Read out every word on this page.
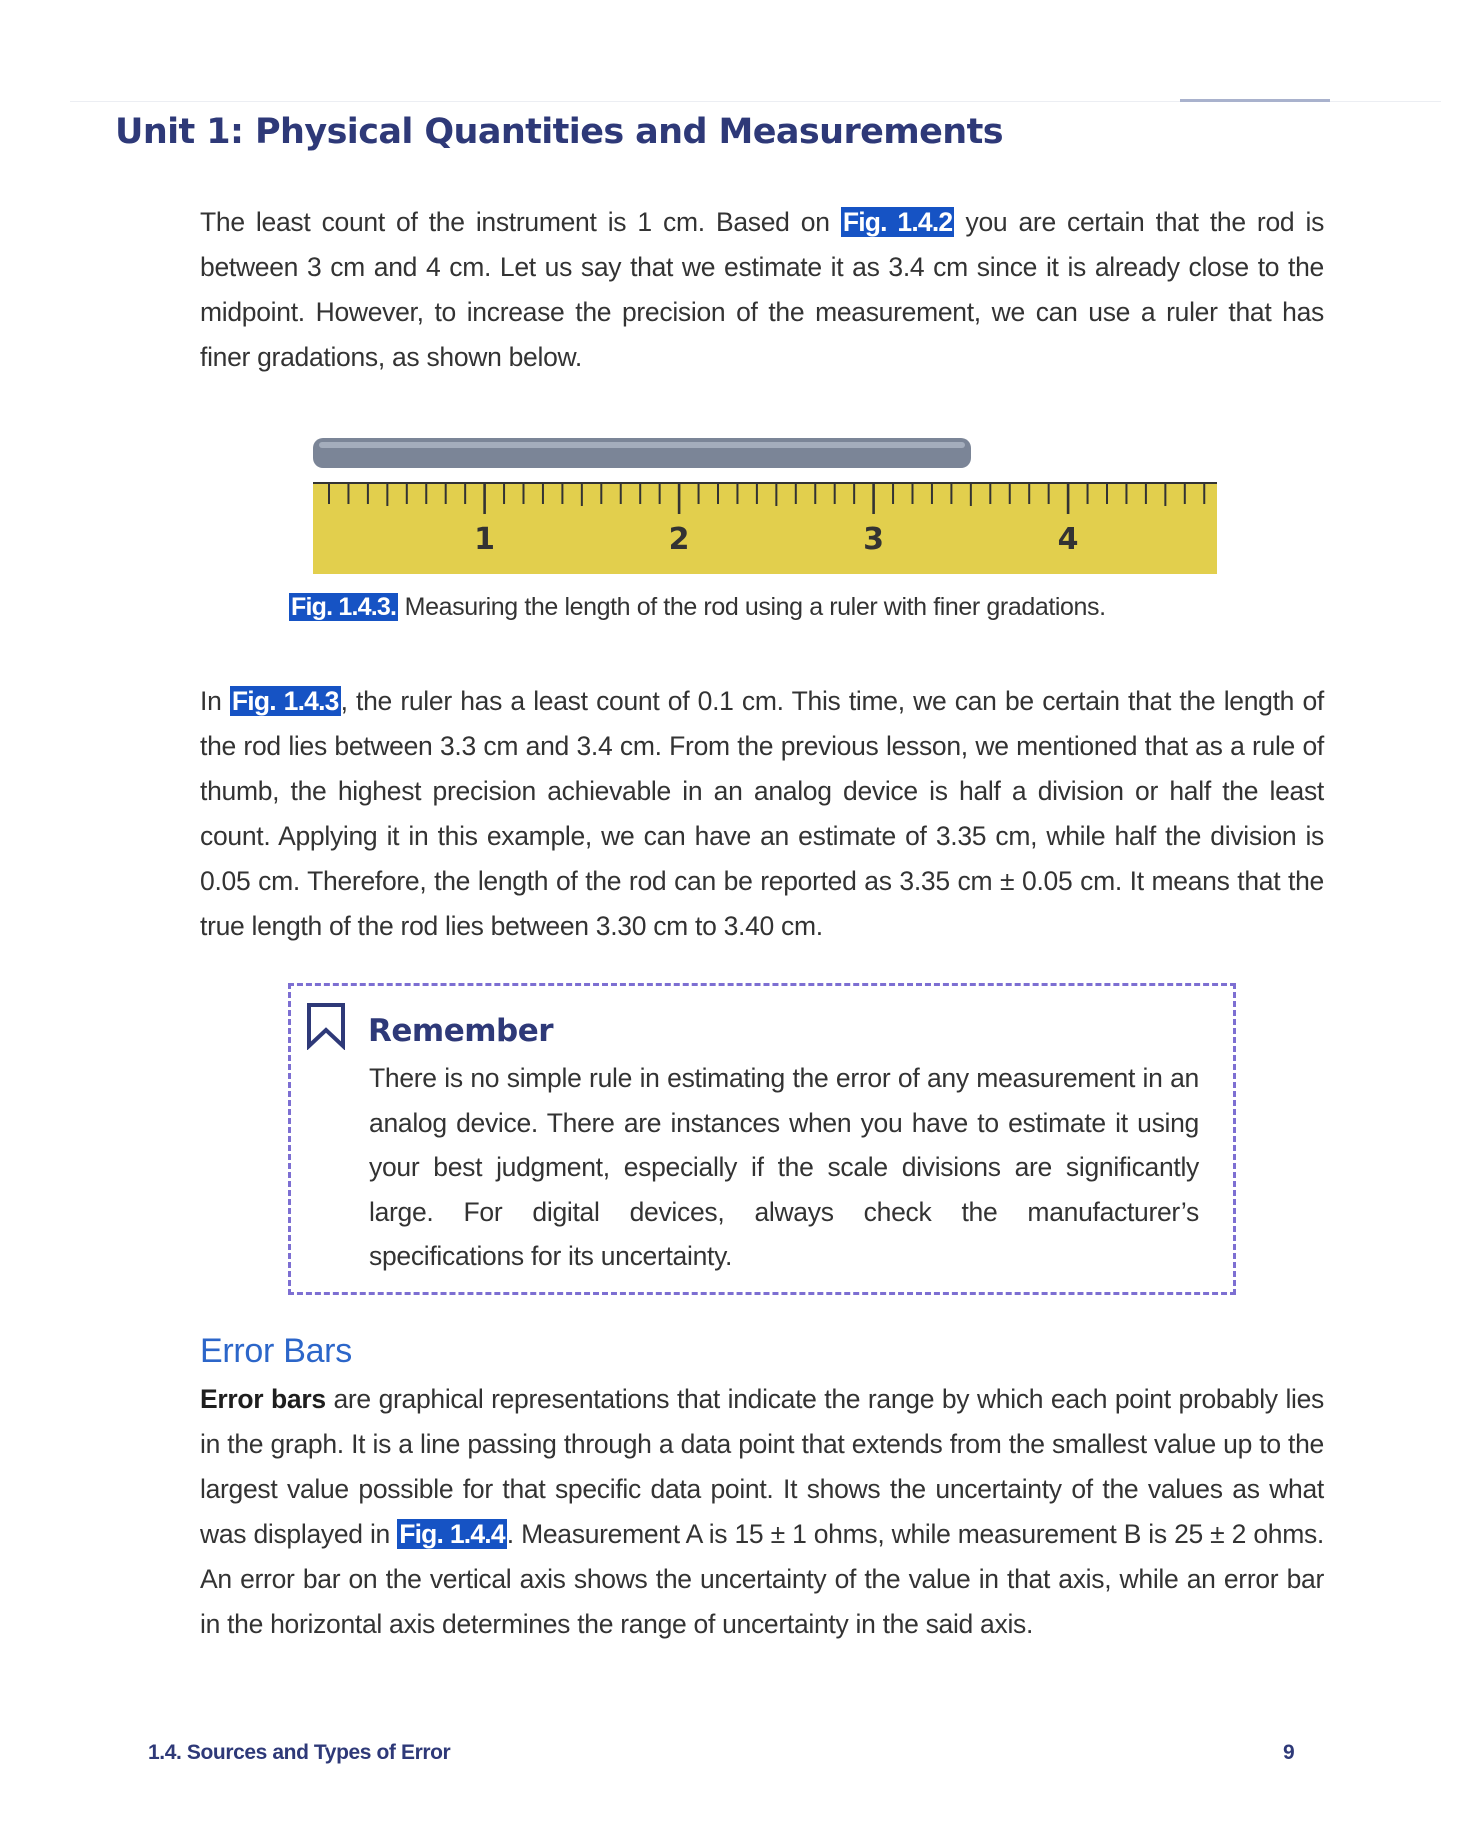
Unit 1: Physical Quantities and Measurements

The least count of the instrument is 1 cm. Based on Fig. 1.4.2 you are certain that the rod is between 3 cm and 4 cm. Let us say that we estimate it as 3.4 cm since it is already close to the midpoint. However, to increase the precision of the measurement, we can use a ruler that has finer gradations, as shown below.

1	2	3	4
Fig. 1.4.3. Measuring the length of the rod using a ruler with finer gradations.

In Fig. 1.4.3, the ruler has a least count of 0.1 cm. This time, we can be certain that the length of the rod lies between 3.3 cm and 3.4 cm. From the previous lesson, we mentioned that as a rule of thumb, the highest precision achievable in an analog device is half a division or half the least count. Applying it in this example, we can have an estimate of 3.35 cm, while half the division is 0.05 cm. Therefore, the length of the rod can be reported as 3.35 cm ± 0.05 cm. It means that the true length of the rod lies between 3.30 cm to 3.40 cm.

Remember

There is no simple rule in estimating the error of any measurement in an analog device. There are instances when you have to estimate it using your best judgment, especially if the scale divisions are significantly large. For digital devices, always check the manufacturer’s specifications for its uncertainty.

Error Bars

Error bars are graphical representations that indicate the range by which each point probably lies in the graph. It is a line passing through a data point that extends from the smallest value up to the largest value possible for that specific data point. It shows the uncertainty of the values as what was displayed in Fig. 1.4.4. Measurement A is 15 ± 1 ohms, while measurement B is 25 ± 2 ohms. An error bar on the vertical axis shows the uncertainty of the value in that axis, while an error bar in the horizontal axis determines the range of uncertainty in the said axis.

1.4. Sources and Types of Error	9
